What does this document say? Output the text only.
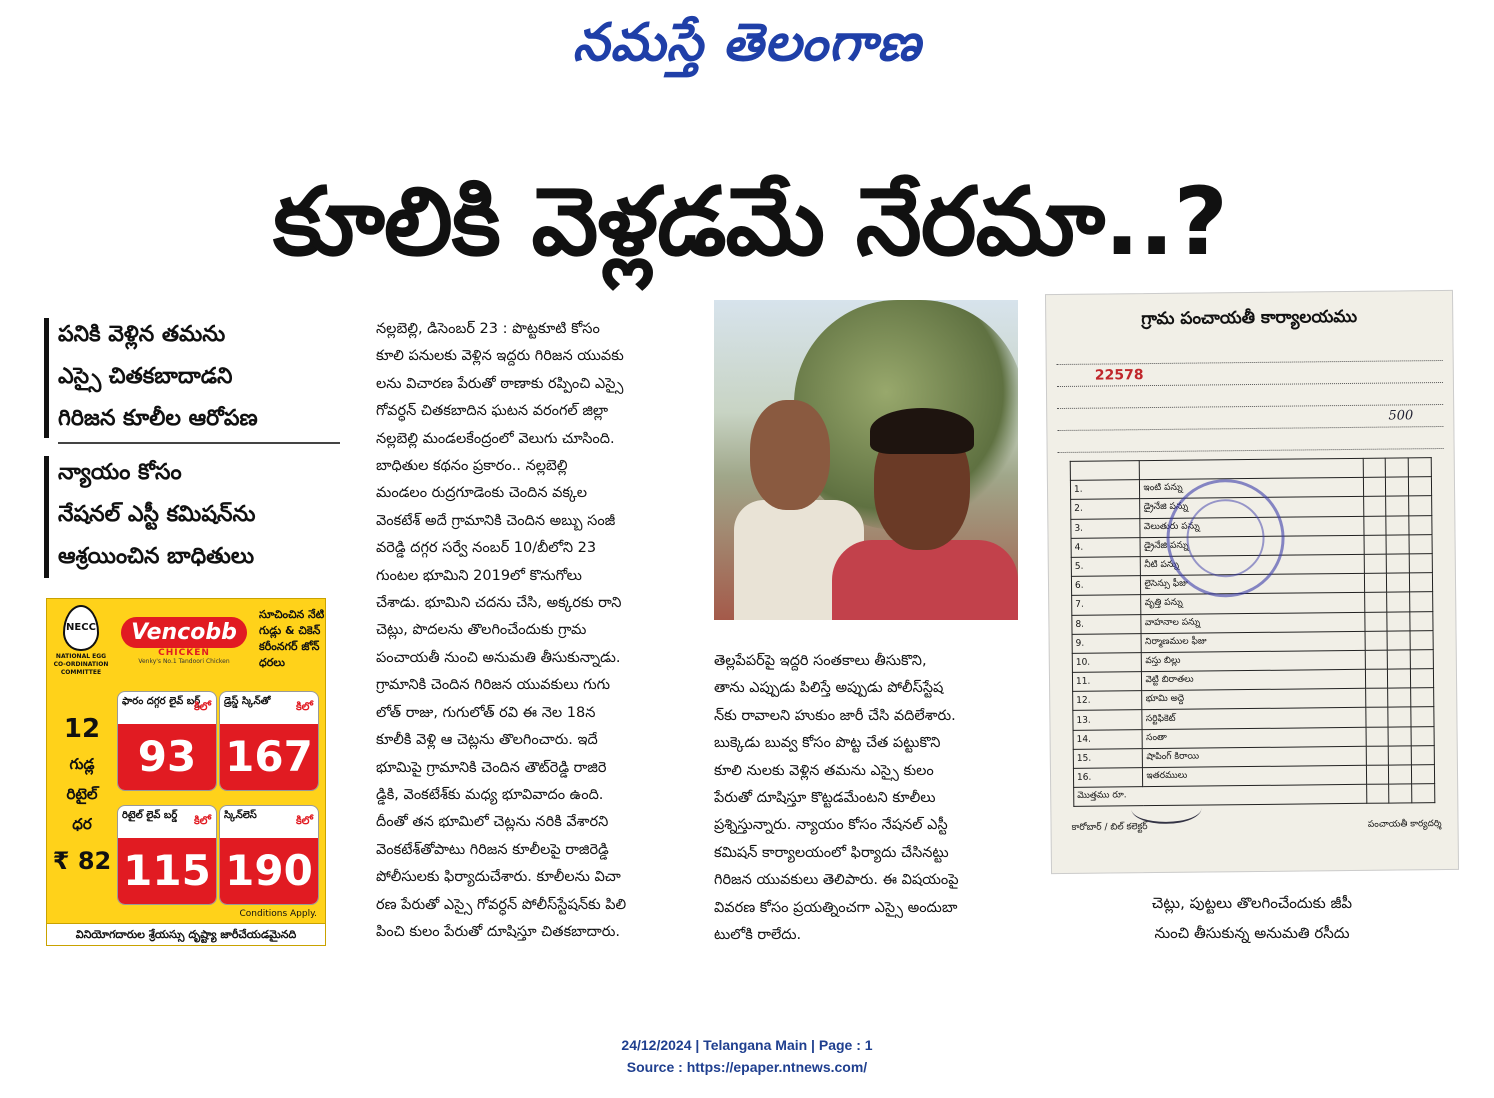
నమస్తే తెలంగాణ
కూలికి వెళ్లడమే నేరమా..?

పనికి వెళ్లిన తమను

ఎస్సై చితకబాదాడని

గిరిజన కూలీల ఆరోపణ

న్యాయం కోసం

నేషనల్ ఎస్టీ కమిషన్‌ను

ఆశ్రయించిన బాధితులు

NECC
NATIONAL EGG CO-ORDINATION COMMITTEE
Vencobb
CHICKEN
Venky's No.1 Tandoori Chicken
సూచించిన నేటి గుడ్లు & చికెన్ కరీంనగర్ జోన్ ధరలు
12
గుడ్ల
రిటైల్
ధర
₹ 82
ఫారం దగ్గర లైవ్ బర్డ్
కిలో
93
డ్రెస్డ్ స్కిన్‌తో కిలో
167
రిటైల్ లైవ్ బర్డ్ కిలో
115
స్కిన్‌లెస్	కిలో
190
Conditions Apply.
వినియోగదారుల శ్రేయస్సు దృష్ట్యా జారీచేయడమైనది

నల్లబెల్లి, డిసెంబర్ 23 : పొట్టకూటి కోసం

కూలి పనులకు వెళ్లిన ఇద్దరు గిరిజన యువకు

లను విచారణ పేరుతో ఠాణాకు రప్పించి ఎస్సై

గోవర్ధన్ చితకబాదిన ఘటన వరంగల్ జిల్లా

నల్లబెల్లి మండలకేంద్రంలో వెలుగు చూసింది.

బాధితుల కథనం ప్రకారం.. నల్లబెల్లి

మండలం రుద్రగూడెంకు చెందిన వక్కల

వెంకటేశ్ అదే గ్రామానికి చెందిన అబ్బు సంజీ

వరెడ్డి దగ్గర సర్వే నంబర్ 10/బీలోని 23

గుంటల భూమిని 2019లో కొనుగోలు

చేశాడు. భూమిని చదను చేసి, అక్కరకు రాని

చెట్లు, పొదలను తొలగించేందుకు గ్రామ

పంచాయతీ నుంచి అనుమతి తీసుకున్నాడు.

గ్రామానికి చెందిన గిరిజన యువకులు గుగు

లోత్ రాజు, గుగులోత్ రవి ఈ నెల 18న

కూలీకి వెళ్లి ఆ చెట్లను తొలగించారు. ఇదే

భూమిపై గ్రామానికి చెందిన తౌట్‌రెడ్డి రాజిరె

డ్డికి, వెంకటేశ్‌కు మధ్య భూవివాదం ఉంది.

దీంతో తన భూమిలో చెట్లను నరికి వేశారని

వెంకటేశ్‌తోపాటు గిరిజన కూలీలపై రాజిరెడ్డి

పోలీసులకు ఫిర్యాదుచేశారు. కూలీలను విచా

రణ పేరుతో ఎస్సై గోవర్ధన్ పోలీస్‌స్టేషన్‌కు పిలి

పించి కులం పేరుతో దూషిస్తూ చితకబాదారు.

తెల్లపేపర్‌పై ఇద్దరి సంతకాలు తీసుకొని,

తాను ఎప్పుడు పిలిస్తే అప్పుడు పోలీస్‌స్టేష

న్‌కు రావాలని హుకుం జారీ చేసి వదిలేశారు.

బుక్కెడు బువ్వ కోసం పొట్ట చేత పట్టుకొని

కూలి నులకు వెళ్లిన తమను ఎస్సై కులం

పేరుతో దూషిస్తూ కొట్టడమేంటని కూలీలు

ప్రశ్నిస్తున్నారు. న్యాయం కోసం నేషనల్ ఎస్టీ

కమిషన్ కార్యాలయంలో ఫిర్యాదు చేసినట్టు

గిరిజన యువకులు తెలిపారు. ఈ విషయంపై

వివరణ కోసం ప్రయత్నించగా ఎస్సై అందుబా

టులోకి రాలేదు.

గ్రామ పంచాయతీ కార్యాలయము
22578
500

1.	ఇంటి పన్ను			
2.	డ్రైనేజి పన్ను			
3.	వెలుతురు పన్ను			
4.	డ్రైనేజి పన్ను			
5.	నీటి పన్ను			
6.	లైసెన్సు ఫీజు			
7.	వృత్తి పన్ను			
8.	వాహనాల పన్ను			
9.	నిర్మాణముల ఫీజు			
10.	వస్తు బిల్లు			
11.	వెట్టి బిరాతలు			
12.	భూమి అద్దె			
13.	సర్టిఫికెట్			
14.	సంతా			
15.	షాపింగ్ కిరాయి			
16.	ఇతరములు			
మొత్తము రూ.				
కారోబార్ / బిల్ కలెక్టర్	పంచాయతీ కార్యదర్శి
చెట్లు, పుట్టలు తొలగించేందుకు జీపీ
నుంచి తీసుకున్న అనుమతి రసీదు
24/12/2024 | Telangana Main | Page : 1
Source : https://epaper.ntnews.com/
